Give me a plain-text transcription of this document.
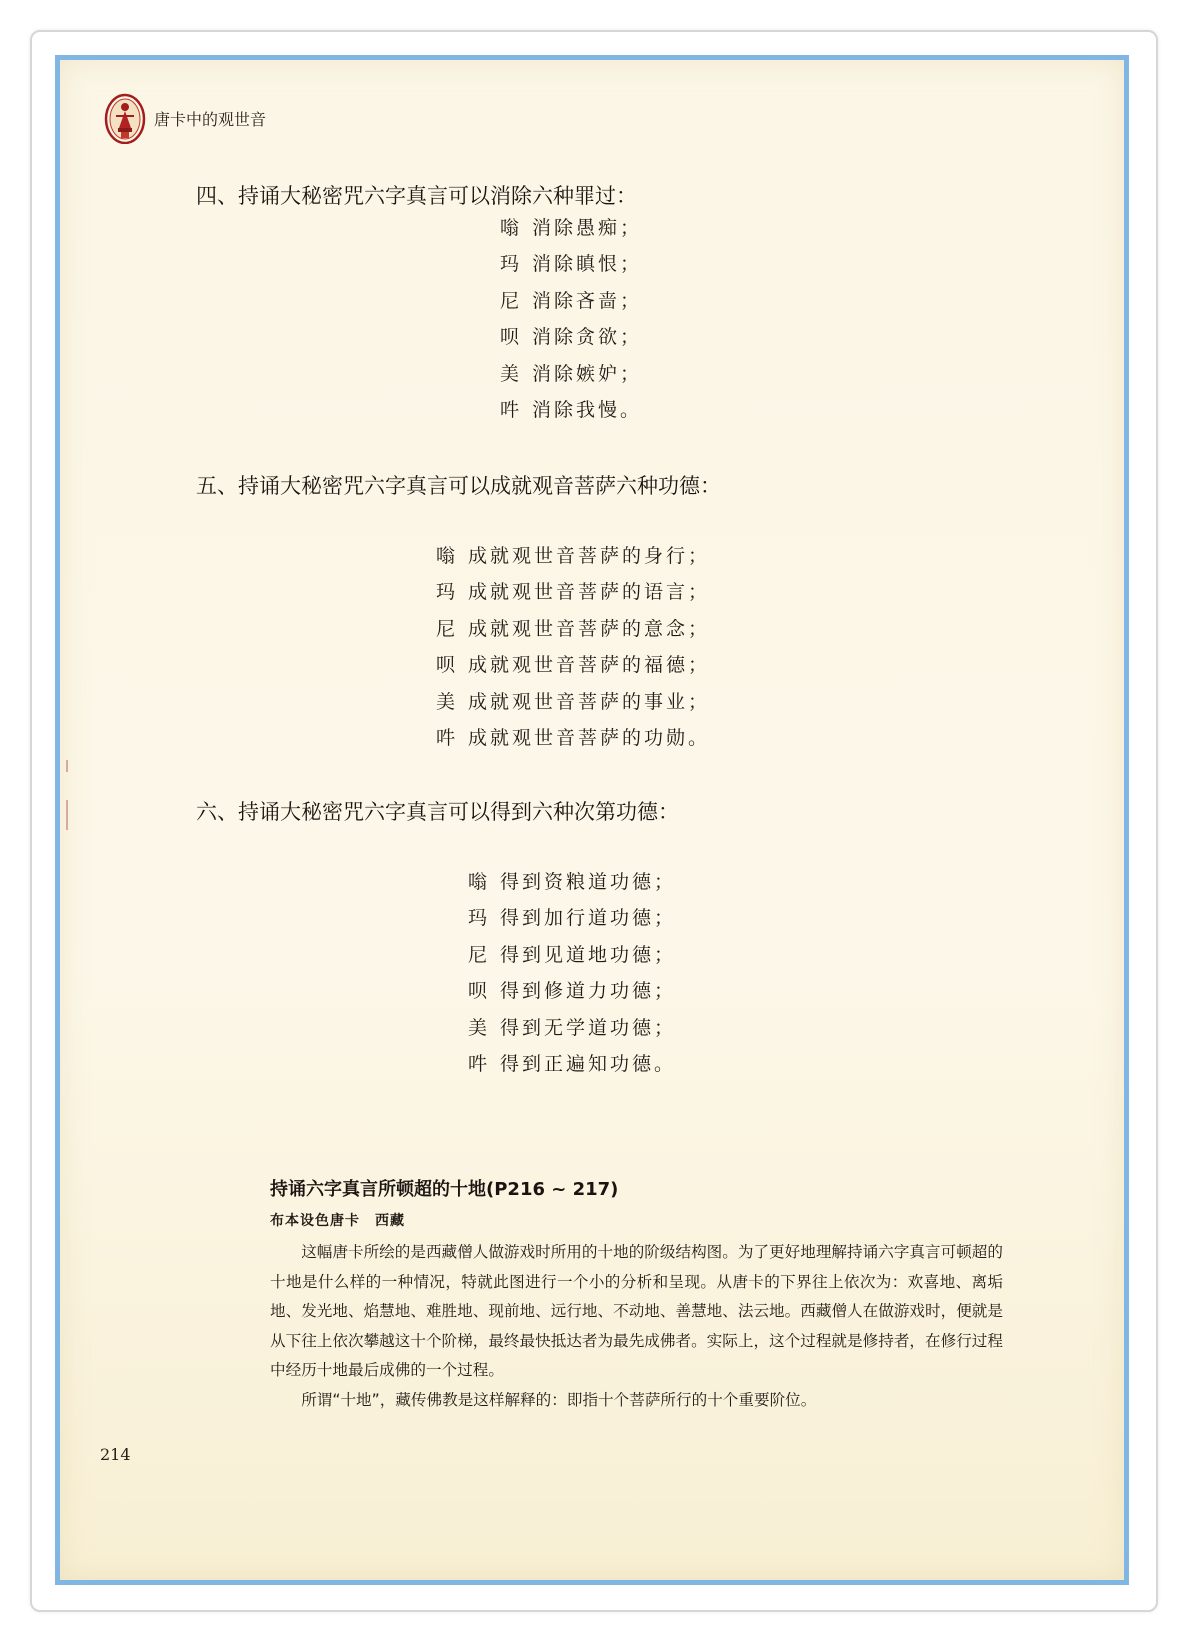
唐卡中的观世音
四、持诵大秘密咒六字真言可以消除六种罪过：
嗡 消除愚痴；
玛 消除瞋恨；
尼 消除吝啬；
呗 消除贪欲；
美 消除嫉妒；
吽 消除我慢。
五、持诵大秘密咒六字真言可以成就观音菩萨六种功德：
嗡 成就观世音菩萨的身行；
玛 成就观世音菩萨的语言；
尼 成就观世音菩萨的意念；
呗 成就观世音菩萨的福德；
美 成就观世音菩萨的事业；
吽 成就观世音菩萨的功勋。
六、持诵大秘密咒六字真言可以得到六种次第功德：
嗡 得到资粮道功德；
玛 得到加行道功德；
尼 得到见道地功德；
呗 得到修道力功德；
美 得到无学道功德；
吽 得到正遍知功德。
持诵六字真言所顿超的十地(P216 ~ 217)
布本设色唐卡　西藏

这幅唐卡所绘的是西藏僧人做游戏时所用的十地的阶级结构图。为了更好地理解持诵六字真言可顿超的十地是什么样的一种情况，特就此图进行一个小的分析和呈现。从唐卡的下界往上依次为：欢喜地、离垢地、发光地、焰慧地、难胜地、现前地、远行地、不动地、善慧地、法云地。西藏僧人在做游戏时，便就是从下往上依次攀越这十个阶梯，最终最快抵达者为最先成佛者。实际上，这个过程就是修持者，在修行过程中经历十地最后成佛的一个过程。

所谓“十地”，藏传佛教是这样解释的：即指十个菩萨所行的十个重要阶位。

214
